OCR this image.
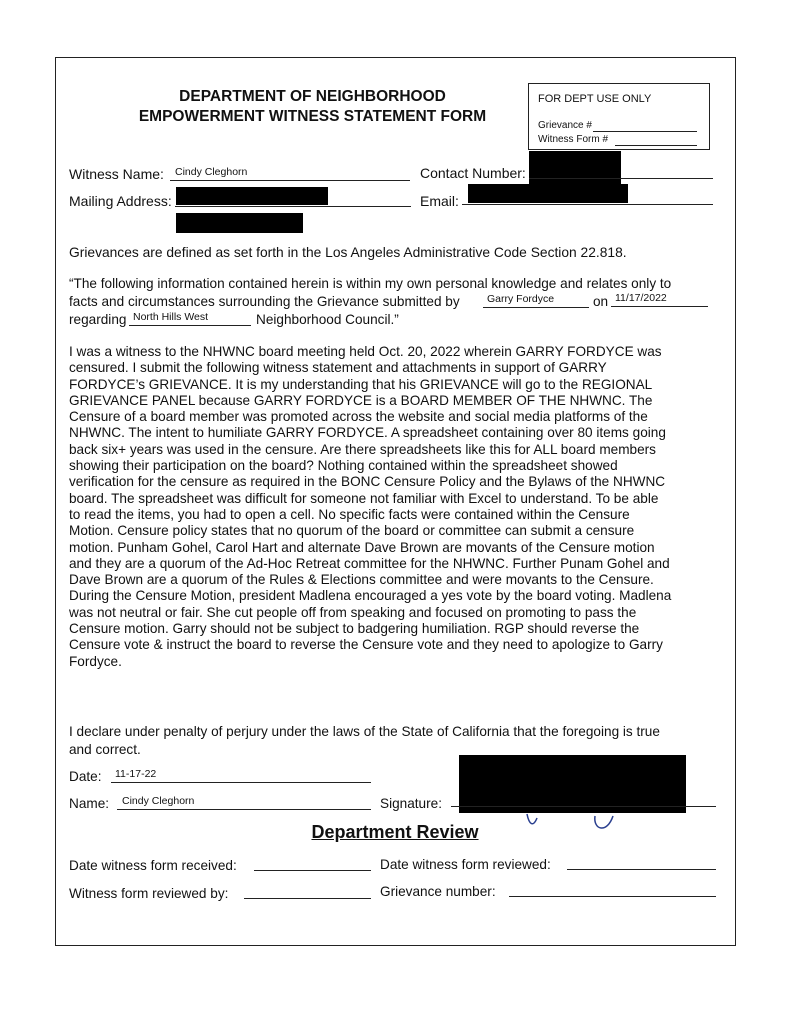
DEPARTMENT OF NEIGHBORHOOD
EMPOWERMENT WITNESS STATEMENT FORM
FOR DEPT USE ONLY
Grievance #
Witness Form #
Witness Name: Cindy Cleghorn	Contact Number:
Mailing Address:	Email:
Grievances are defined as set forth in the Los Angeles Administrative Code Section 22.818.
“The following information contained herein is within my own personal knowledge and relates only to
facts and circumstances surrounding the Grievance submitted by	Garry Fordyce	on 11/17/2022
regarding North Hills West	Neighborhood Council.”

I was a witness to the NHWNC board meeting held Oct. 20, 2022 wherein GARRY FORDYCE was

censured. I submit the following witness statement and attachments in support of GARRY

FORDYCE’s GRIEVANCE. It is my understanding that his GRIEVANCE will go to the REGIONAL

GRIEVANCE PANEL because GARRY FORDYCE is a BOARD MEMBER OF THE NHWNC. The

Censure of a board member was promoted across the website and social media platforms of the

NHWNC. The intent to humiliate GARRY FORDYCE. A spreadsheet containing over 80 items going

back six+ years was used in the censure. Are there spreadsheets like this for ALL board members

showing their participation on the board? Nothing contained within the spreadsheet showed

verification for the censure as required in the BONC Censure Policy and the Bylaws of the NHWNC

board. The spreadsheet was difficult for someone not familiar with Excel to understand. To be able

to read the items, you had to open a cell. No specific facts were contained within the Censure

Motion. Censure policy states that no quorum of the board or committee can submit a censure

motion. Punham Gohel, Carol Hart and alternate Dave Brown are movants of the Censure motion

and they are a quorum of the Ad-Hoc Retreat committee for the NHWNC. Further Punam Gohel and

Dave Brown are a quorum of the Rules & Elections committee and were movants to the Censure.

During the Censure Motion, president Madlena encouraged a yes vote by the board voting. Madlena

was not neutral or fair. She cut people off from speaking and focused on promoting to pass the

Censure motion. Garry should not be subject to badgering humiliation. RGP should reverse the

Censure vote & instruct the board to reverse the Censure vote and they need to apologize to Garry

Fordyce.

I declare under penalty of perjury under the laws of the State of California that the foregoing is true
and correct.
Date: 11-17-22
Name: Cindy Cleghorn	Signature:
Department Review
Date witness form received:	Date witness form reviewed:
Witness form reviewed by:	Grievance number:
